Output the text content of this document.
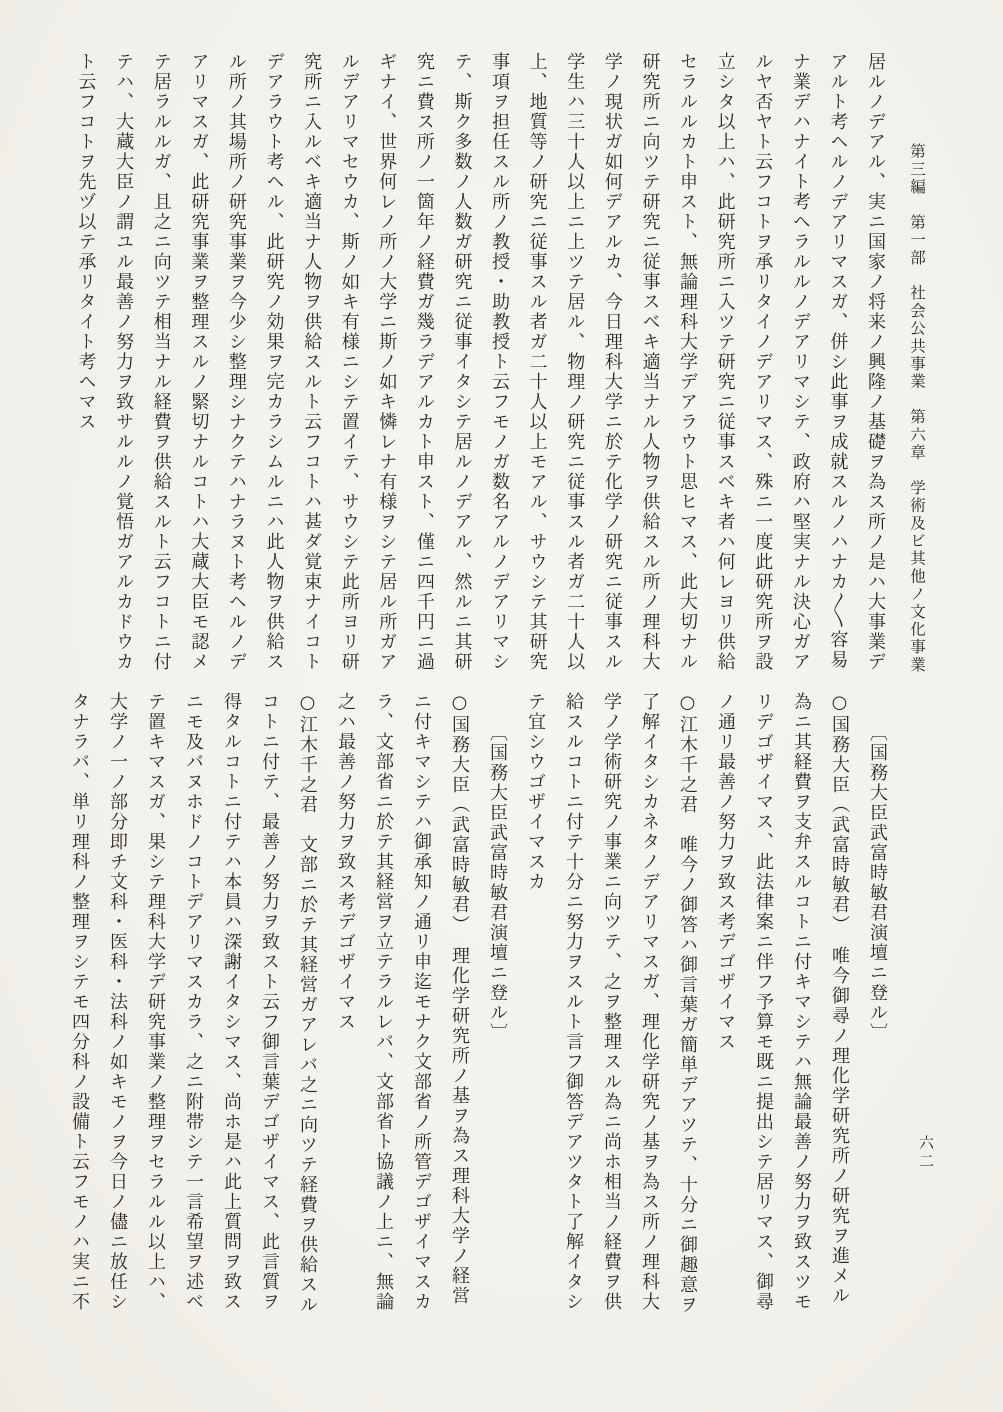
第三編　第一部　社会公共事業　第六章　学術及ビ其他ノ文化事業
六二
居ルノデアル、実ニ国家ノ将来ノ興隆ノ基礎ヲ為ス所ノ是ハ大事業デ
アルト考ヘルノデアリマスガ、併シ此事ヲ成就スルノハナカ〱容易
ナ業デハナイト考ヘラルルノデアリマシテ、政府ハ堅実ナル決心ガア
ルヤ否ヤト云フコトヲ承リタイノデアリマス、殊ニ一度此研究所ヲ設
立シタ以上ハ、此研究所ニ入ツテ研究ニ従事スベキ者ハ何レヨリ供給
セラルルカト申スト、無論理科大学デアラウト思ヒマス、此大切ナル
研究所ニ向ツテ研究ニ従事スベキ適当ナル人物ヲ供給スル所ノ理科大
学ノ現状ガ如何デアルカ、今日理科大学ニ於テ化学ノ研究ニ従事スル
学生ハ三十人以上ニ上ツテ居ル、物理ノ研究ニ従事スル者ガ二十人以
上、地質等ノ研究ニ従事スル者ガ二十人以上モアル、サウシテ其研究
事項ヲ担任スル所ノ教授・助教授ト云フモノガ数名アルノデアリマシ
テ、斯ク多数ノ人数ガ研究ニ従事イタシテ居ルノデアル、然ルニ其研
究ニ費ス所ノ一箇年ノ経費ガ幾ラデアルカト申スト、僅ニ四千円ニ過
ギナイ、世界何レノ所ノ大学ニ斯ノ如キ憐レナ有様ヲシテ居ル所ガア
ルデアリマセウカ、斯ノ如キ有様ニシテ置イテ、サウシテ此所ヨリ研
究所ニ入ルベキ適当ナ人物ヲ供給スルト云フコトハ甚ダ覚束ナイコト
デアラウト考ヘル、此研究ノ効果ヲ完カラシムルニハ此人物ヲ供給ス
ル所ノ其場所ノ研究事業ヲ今少シ整理シナクテハナラヌト考ヘルノデ
アリマスガ、此研究事業ヲ整理スルノ緊切ナルコトハ大蔵大臣モ認メ
テ居ラルルガ、且之ニ向ツテ相当ナル経費ヲ供給スルト云フコトニ付
テハ、大蔵大臣ノ謂ユル最善ノ努力ヲ致サルルノ覚悟ガアルカドウカ
ト云フコトヲ先ヅ以テ承リタイト考ヘマス
　　〔国務大臣武富時敏君演壇ニ登ル〕
○国務大臣（武富時敏君）　唯今御尋ノ理化学研究所ノ研究ヲ進メル
為ニ其経費ヲ支弁スルコトニ付キマシテハ無論最善ノ努力ヲ致スツモ
リデゴザイマス、此法律案ニ伴フ予算モ既ニ提出シテ居リマス、御尋
ノ通リ最善ノ努力ヲ致ス考デゴザイマス
○江木千之君　唯今ノ御答ハ御言葉ガ簡単デアツテ、十分ニ御趣意ヲ
了解イタシカネタノデアリマスガ、理化学研究ノ基ヲ為ス所ノ理科大
学ノ学術研究ノ事業ニ向ツテ、之ヲ整理スル為ニ尚ホ相当ノ経費ヲ供
給スルコトニ付テ十分ニ努力ヲスルト言フ御答デアツタト了解イタシ
テ宜シウゴザイマスカ
　　〔国務大臣武富時敏君演壇ニ登ル〕
○国務大臣（武富時敏君）　理化学研究所ノ基ヲ為ス理科大学ノ経営
ニ付キマシテハ御承知ノ通リ申迄モナク文部省ノ所管デゴザイマスカ
ラ、文部省ニ於テ其経営ヲ立テラルレバ、文部省ト協議ノ上ニ、無論
之ハ最善ノ努力ヲ致ス考デゴザイマス
○江木千之君　文部ニ於テ其経営ガアレバ之ニ向ツテ経費ヲ供給スル
コトニ付テ、最善ノ努力ヲ致スト云フ御言葉デゴザイマス、此言質ヲ
得タルコトニ付テハ本員ハ深謝イタシマス、尚ホ是ハ此上質問ヲ致ス
ニモ及バヌホドノコトデアリマスカラ、之ニ附帯シテ一言希望ヲ述ベ
テ置キマスガ、果シテ理科大学デ研究事業ノ整理ヲセラルル以上ハ、
大学ノ一ノ部分即チ文科・医科・法科ノ如キモノヲ今日ノ儘ニ放任シ
タナラバ、単リ理科ノ整理ヲシテモ四分科ノ設備ト云フモノハ実ニ不
